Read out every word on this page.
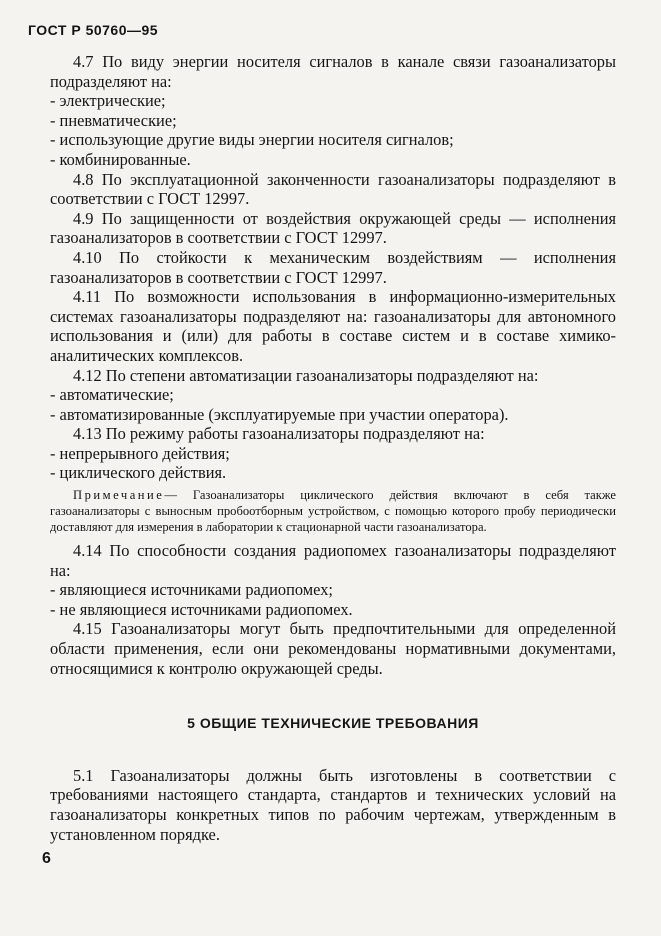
ГОСТ Р 50760—95

4.7 По виду энергии носителя сигналов в канале связи газоанализаторы подразделяют на:

- электрические;

- пневматические;

- использующие другие виды энергии носителя сигналов;

- комбинированные.

4.8 По эксплуатационной законченности газоанализаторы подразделяют в соответствии с ГОСТ 12997.

4.9 По защищенности от воздействия окружающей среды — исполнения газоанализаторов в соответствии с ГОСТ 12997.

4.10 По стойкости к механическим воздействиям — исполнения газоанализаторов в соответствии с ГОСТ 12997.

4.11 По возможности использования в информационно-измерительных системах газоанализаторы подразделяют на: газоанализаторы для автономного использования и (или) для работы в составе систем и в составе химико-аналитических комплексов.

4.12 По степени автоматизации газоанализаторы подразделяют на:

- автоматические;

- автоматизированные (эксплуатируемые при участии оператора).

4.13 По режиму работы газоанализаторы подразделяют на:

- непрерывного действия;

- циклического действия.

Примечание— Газоанализаторы циклического действия включают в себя также газоанализаторы с выносным пробоотборным устройством, с помощью которого пробу периодически доставляют для измерения в лаборатории к стационарной части газоанализатора.

4.14 По способности создания радиопомех газоанализаторы подразделяют на:

- являющиеся источниками радиопомех;

- не являющиеся источниками радиопомех.

4.15 Газоанализаторы могут быть предпочтительными для определенной области применения, если они рекомендованы нормативными документами, относящимися к контролю окружающей среды.

5 ОБЩИЕ ТЕХНИЧЕСКИЕ ТРЕБОВАНИЯ

5.1 Газоанализаторы должны быть изготовлены в соответствии с требованиями настоящего стандарта, стандартов и технических условий на газоанализаторы конкретных типов по рабочим чертежам, утвержденным в установленном порядке.

6
